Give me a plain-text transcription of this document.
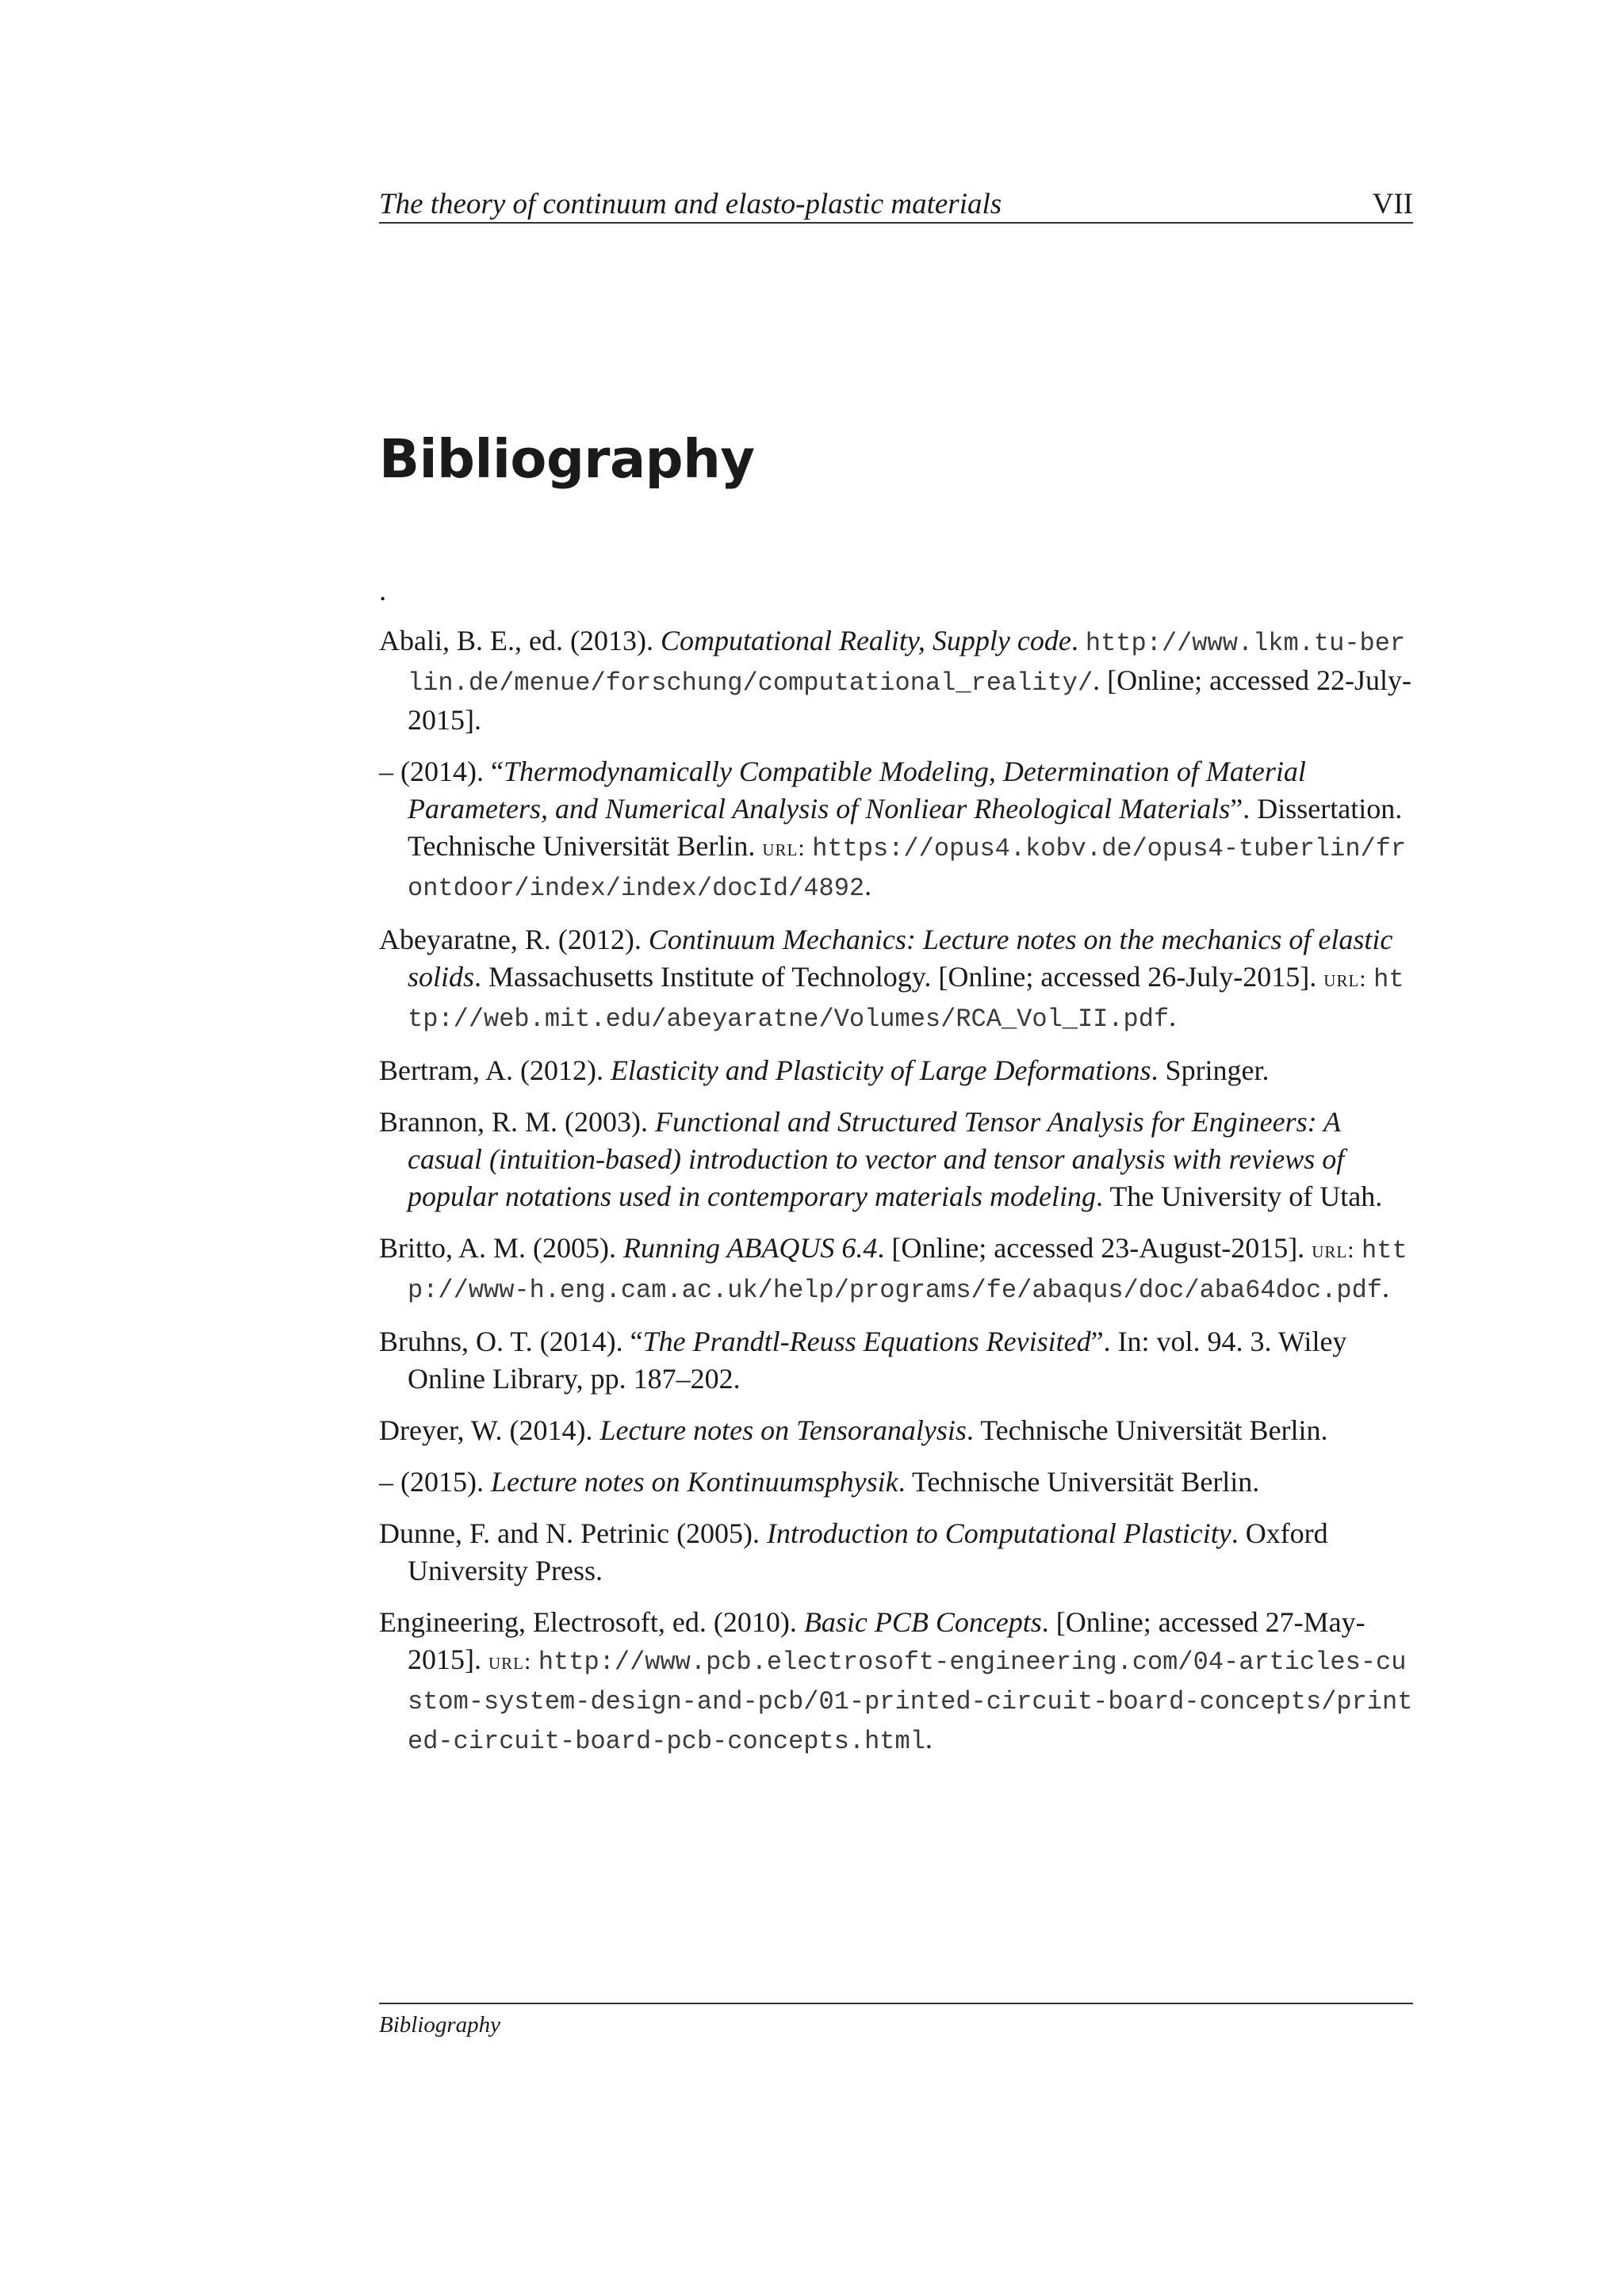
The theory of continuum and elasto-plastic materials	VII
Bibliography
.
Abali, B. E., ed. (2013). Computational Reality, Supply code. http://www.lkm.tu-berlin.de/menue/forschung/computational_reality/. [Online; accessed 22-July-2015].
– (2014). “Thermodynamically Compatible Modeling, Determination of Material Parameters, and Numerical Analysis of Nonliear Rheological Materials”. Dissertation. Technische Universität Berlin. url: https://opus4.kobv.de/opus4-tuberlin/frontdoor/index/index/docId/4892.
Abeyaratne, R. (2012). Continuum Mechanics: Lecture notes on the mechanics of elastic solids. Massachusetts Institute of Technology. [Online; accessed 26-July-2015]. url: http://web.mit.edu/abeyaratne/Volumes/RCA_Vol_II.pdf.
Bertram, A. (2012). Elasticity and Plasticity of Large Deformations. Springer.
Brannon, R. M. (2003). Functional and Structured Tensor Analysis for Engineers: A casual (intuition-based) introduction to vector and tensor analysis with reviews of popular notations used in contemporary materials modeling. The University of Utah.
Britto, A. M. (2005). Running ABAQUS 6.4. [Online; accessed 23-August-2015]. url: http://www-h.eng.cam.ac.uk/help/programs/fe/abaqus/doc/aba64doc.pdf.
Bruhns, O. T. (2014). “The Prandtl-Reuss Equations Revisited”. In: vol. 94. 3. Wiley Online Library, pp. 187–202.
Dreyer, W. (2014). Lecture notes on Tensoranalysis. Technische Universität Berlin.
– (2015). Lecture notes on Kontinuumsphysik. Technische Universität Berlin.
Dunne, F. and N. Petrinic (2005). Introduction to Computational Plasticity. Oxford University Press.
Engineering, Electrosoft, ed. (2010). Basic PCB Concepts. [Online; accessed 27-May-2015]. url: http://www.pcb.electrosoft-engineering.com/04-articles-custom-system-design-and-pcb/01-printed-circuit-board-concepts/printed-circuit-board-pcb-concepts.html.
Bibliography
